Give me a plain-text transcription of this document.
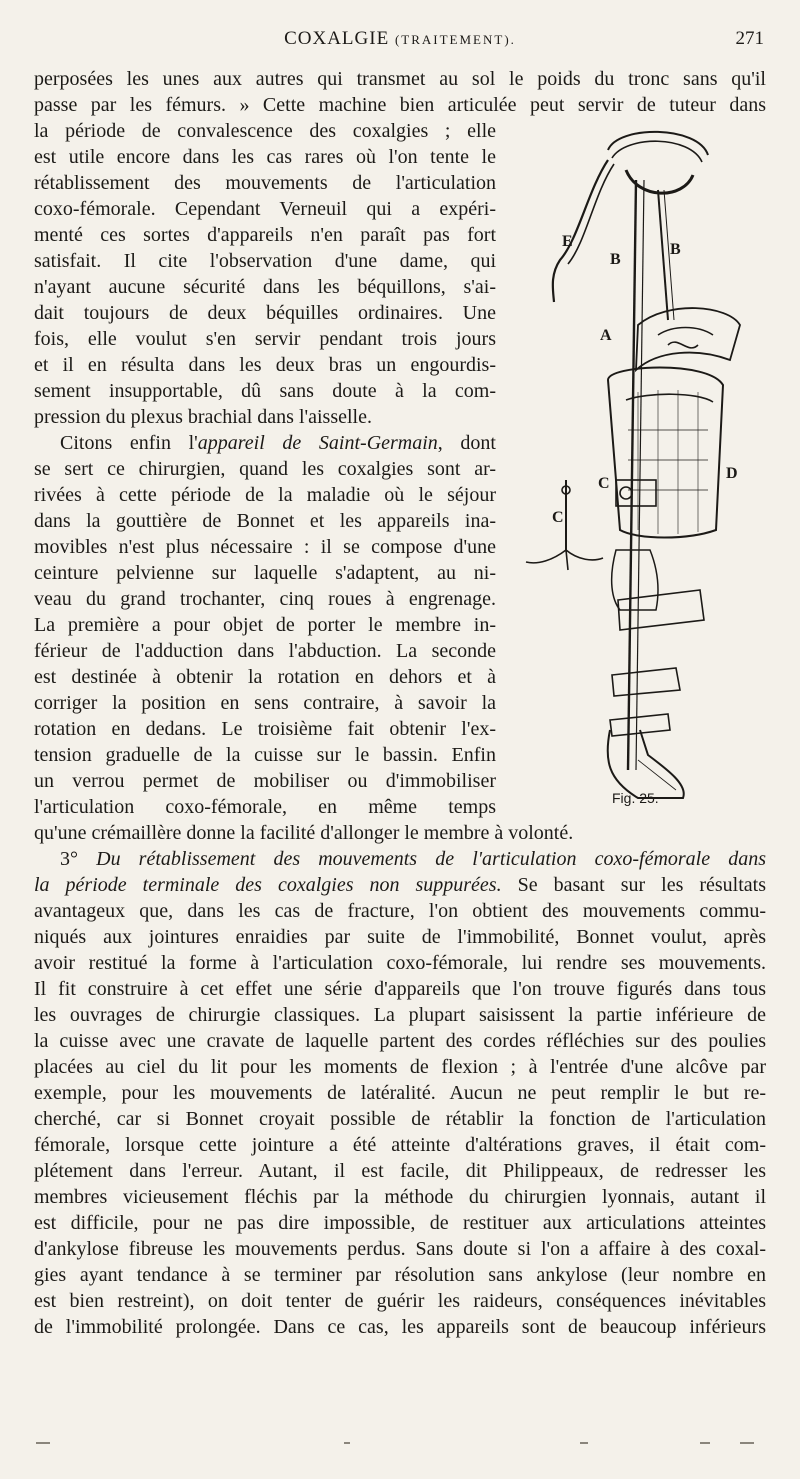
COXALGIE (TRAITEMENT).	271
perposées les unes aux autres qui transmet au sol le poids du tronc sans qu'il
passe par les fémurs. » Cette machine bien articulée peut servir de tuteur dans
la période de convalescence des coxalgies ; elle
est utile encore dans les cas rares où l'on tente le
rétablissement des mouvements de l'articulation
coxo-fémorale. Cependant Verneuil qui a expéri-
menté ces sortes d'appareils n'en paraît pas fort
satisfait. Il cite l'observation d'une dame, qui
n'ayant aucune sécurité dans les béquillons, s'ai-
dait toujours de deux béquilles ordinaires. Une
fois, elle voulut s'en servir pendant trois jours
et il en résulta dans les deux bras un engourdis-
sement insupportable, dû sans doute à la com-
pression du plexus brachial dans l'aisselle.
Citons enfin l'appareil de Saint-Germain, dont
se sert ce chirurgien, quand les coxalgies sont ar-
rivées à cette période de la maladie où le séjour
dans la gouttière de Bonnet et les appareils ina-
movibles n'est plus nécessaire : il se compose d'une
ceinture pelvienne sur laquelle s'adaptent, au ni-
veau du grand trochanter, cinq roues à engrenage.
La première a pour objet de porter le membre in-
férieur de l'adduction dans l'abduction. La seconde
est destinée à obtenir la rotation en dehors et à
corriger la position en sens contraire, à savoir la
rotation en dedans. Le troisième fait obtenir l'ex-
tension graduelle de la cuisse sur le bassin. Enfin
un verrou permet de mobiliser ou d'immobiliser
l'articulation coxo-fémorale, en même temps
qu'une crémaillère donne la facilité d'allonger le membre à volonté.
3° Du rétablissement des mouvements de l'articulation coxo-fémorale dans
la période terminale des coxalgies non suppurées. Se basant sur les résultats
avantageux que, dans les cas de fracture, l'on obtient des mouvements commu-
niqués aux jointures enraidies par suite de l'immobilité, Bonnet voulut, après
avoir restitué la forme à l'articulation coxo-fémorale, lui rendre ses mouvements.
Il fit construire à cet effet une série d'appareils que l'on trouve figurés dans tous
les ouvrages de chirurgie classiques. La plupart saisissent la partie inférieure de
la cuisse avec une cravate de laquelle partent des cordes réfléchies sur des poulies
placées au ciel du lit pour les moments de flexion ; à l'entrée d'une alcôve par
exemple, pour les mouvements de latéralité. Aucun ne peut remplir le but re-
cherché, car si Bonnet croyait possible de rétablir la fonction de l'articulation
fémorale, lorsque cette jointure a été atteinte d'altérations graves, il était com-
plétement dans l'erreur. Autant, il est facile, dit Philippeaux, de redresser les
membres vicieusement fléchis par la méthode du chirurgien lyonnais, autant il
est difficile, pour ne pas dire impossible, de restituer aux articulations atteintes
d'ankylose fibreuse les mouvements perdus. Sans doute si l'on a affaire à des coxal-
gies ayant tendance à se terminer par résolution sans ankylose (leur nombre en
est bien restreint), on doit tenter de guérir les raideurs, conséquences inévitables
de l'immobilité prolongée. Dans ce cas, les appareils sont de beaucoup inférieurs
E
B
B
A
C
C
D
Fig. 25.
